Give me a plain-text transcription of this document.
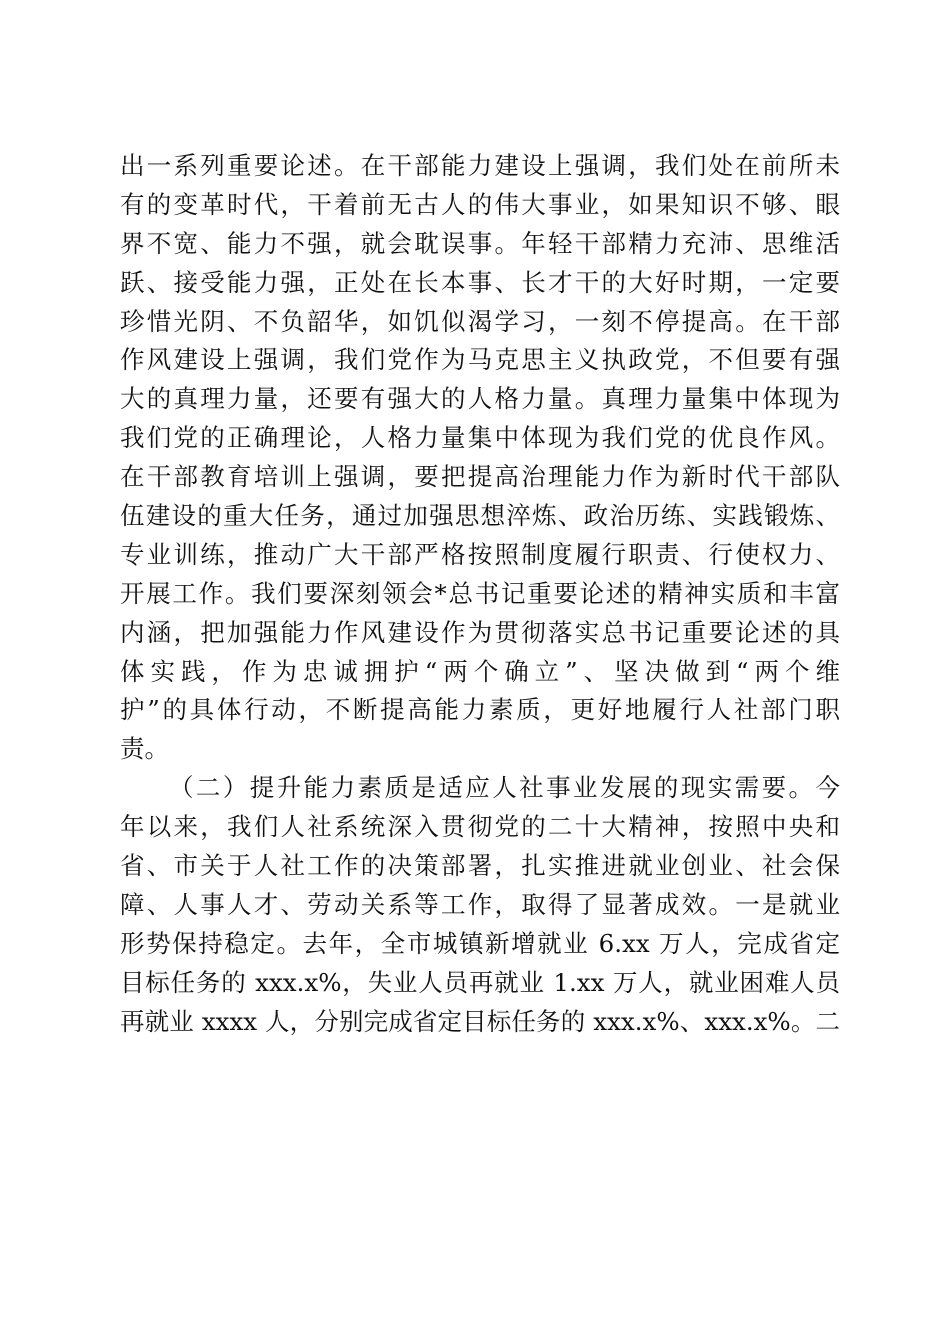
出一系列重要论述。在干部能力建设上强调，我们处在前所未
有的变革时代，干着前无古人的伟大事业，如果知识不够、眼
界不宽、能力不强，就会耽误事。年轻干部精力充沛、思维活
跃、接受能力强，正处在长本事、长才干的大好时期，一定要
珍惜光阴、不负韶华，如饥似渴学习，一刻不停提高。在干部
作风建设上强调，我们党作为马克思主义执政党，不但要有强
大的真理力量，还要有强大的人格力量。真理力量集中体现为
我们党的正确理论，人格力量集中体现为我们党的优良作风。
在干部教育培训上强调，要把提高治理能力作为新时代干部队
伍建设的重大任务，通过加强思想淬炼、政治历练、实践锻炼、
专业训练，推动广大干部严格按照制度履行职责、行使权力、
开展工作。我们要深刻领会*总书记重要论述的精神实质和丰富
内涵，把加强能力作风建设作为贯彻落实总书记重要论述的具
体实践，作为忠诚拥护“两个确立”、坚决做到“两个维
护”的具体行动，不断提高能力素质，更好地履行人社部门职
责。
（二）提升能力素质是适应人社事业发展的现实需要。今
年以来，我们人社系统深入贯彻党的二十大精神，按照中央和
省、市关于人社工作的决策部署，扎实推进就业创业、社会保
障、人事人才、劳动关系等工作，取得了显著成效。一是就业
形势保持稳定。去年，全市城镇新增就业 6.xx 万人，完成省定
目标任务的 xxx.x%，失业人员再就业 1.xx 万人，就业困难人员
再就业 xxxx 人，分别完成省定目标任务的 xxx.x%、xxx.x%。二
